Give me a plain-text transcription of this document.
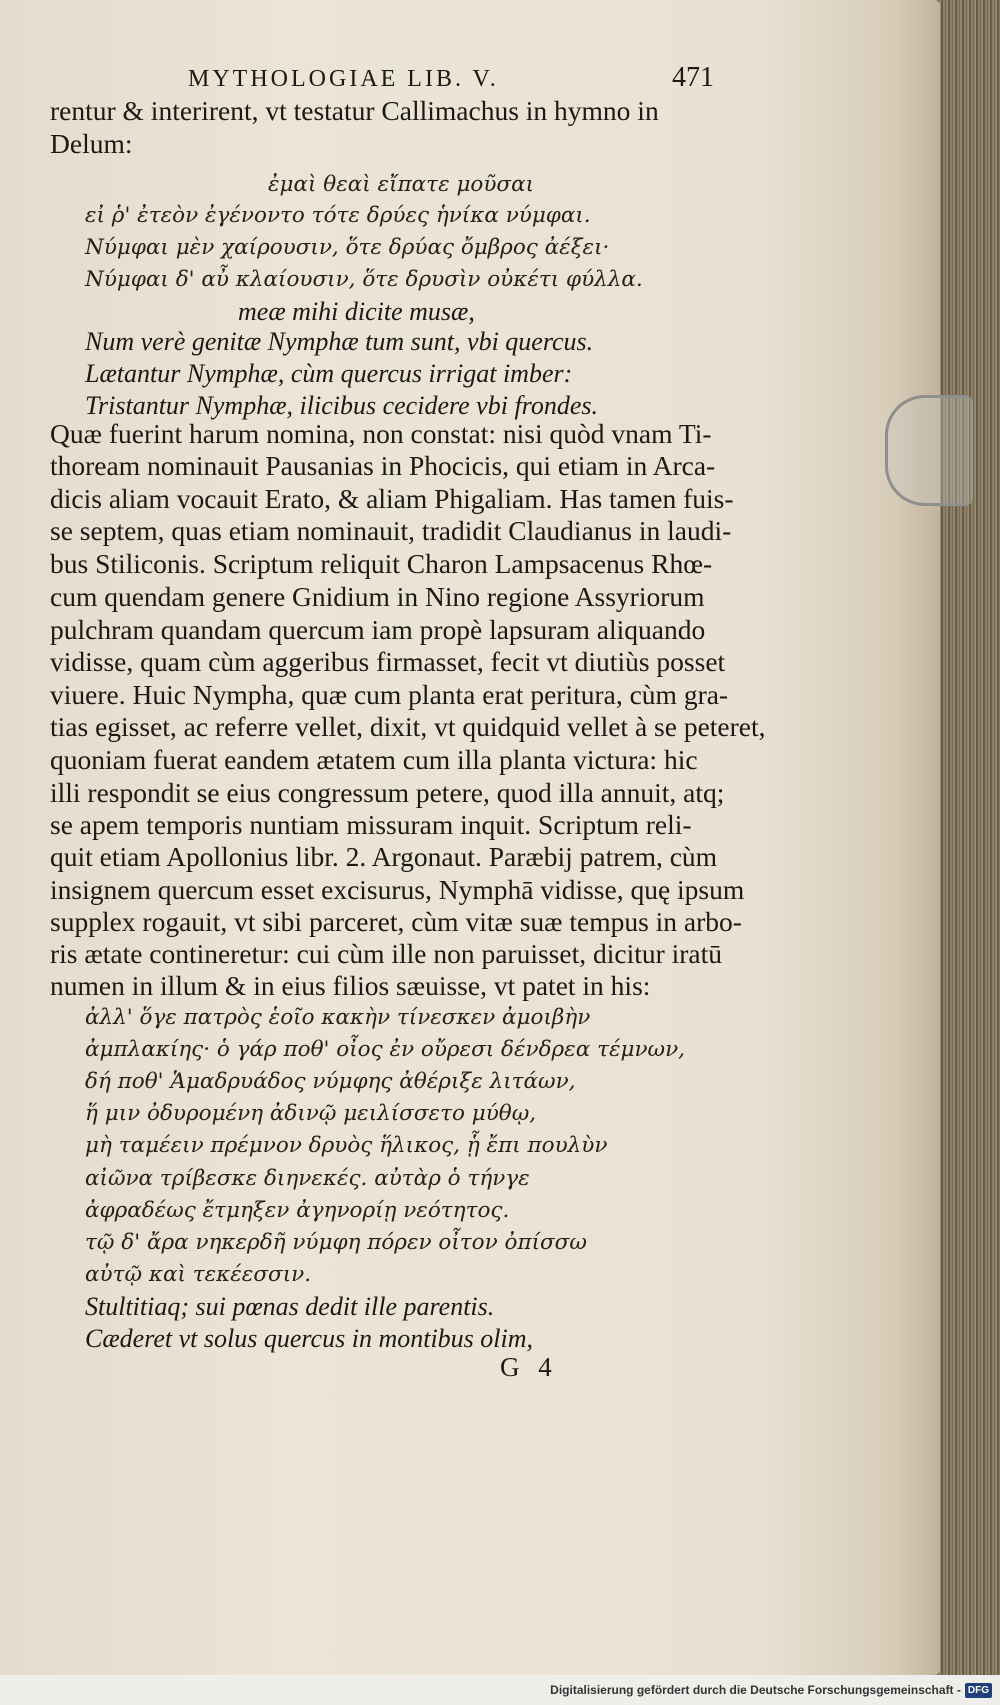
MYTHOLOGIAE LIB. V.	471
rentur & interirent, vt testatur Callimachus in hymno in
Delum:
ἐμαὶ θεαὶ εἴπατε μοῦσαι
εἰ ῥ' ἐτεὸν ἐγένοντο τότε δρύες ἡνίκα νύμφαι.
Νύμφαι μὲν χαίρουσιν, ὅτε δρύας ὄμβρος ἀέξει·
Νύμφαι δ' αὖ κλαίουσιν, ὅτε δρυσὶν οὐκέτι φύλλα.
meæ mihi dicite musæ,
Num verè genitæ Nymphæ tum sunt, vbi quercus.
Lætantur Nymphæ, cùm quercus irrigat imber:
Tristantur Nymphæ, ilicibus cecidere vbi frondes.
Quæ fuerint harum nomina, non constat: nisi quòd vnam Ti-
thoream nominauit Pausanias in Phocicis, qui etiam in Arca-
dicis aliam vocauit Erato, & aliam Phigaliam. Has tamen fuis-
se septem, quas etiam nominauit, tradidit Claudianus in laudi-
bus Stiliconis. Scriptum reliquit Charon Lampsacenus Rhœ-
cum quendam genere Gnidium in Nino regione Assyriorum
pulchram quandam quercum iam propè lapsuram aliquando
vidisse, quam cùm aggeribus firmasset, fecit vt diutiùs posset
viuere. Huic Nympha, quæ cum planta erat peritura, cùm gra-
tias egisset, ac referre vellet, dixit, vt quidquid vellet à se peteret,
quoniam fuerat eandem ætatem cum illa planta victura: hic
illi respondit se eius congressum petere, quod illa annuit, atq;
se apem temporis nuntiam missuram inquit. Scriptum reli-
quit etiam Apollonius libr. 2. Argonaut. Paræbij patrem, cùm
insignem quercum esset excisurus, Nymphā vidisse, quę ipsum
supplex rogauit, vt sibi parceret, cùm vitæ suæ tempus in arbo-
ris ætate contineretur: cui cùm ille non paruisset, dicitur iratū
numen in illum & in eius filios sæuisse, vt patet in his:
ἀλλ' ὅγε πατρὸς ἑοῖο κακὴν τίνεσκεν ἀμοιβὴν
ἀμπλακίης· ὁ γάρ ποθ' οἶος ἐν οὔρεσι δένδρεα τέμνων,
δή ποθ' Ἁμαδρυάδος νύμφης ἀθέριξε λιτάων,
ἥ μιν ὀδυρομένη ἀδινῷ μειλίσσετο μύθῳ,
μὴ ταμέειν πρέμνον δρυὸς ἥλικος, ᾗ ἔπι πουλὺν
αἰῶνα τρίβεσκε διηνεκές. αὐτὰρ ὁ τήνγε
ἀφραδέως ἔτμηξεν ἀγηνορίῃ νεότητος.
τῷ δ' ἄρα νηκερδῆ νύμφη πόρεν οἶτον ὀπίσσω
αὐτῷ καὶ τεκέεσσιν.
Stultitiaq; sui pœnas dedit ille parentis.
Cæderet vt solus quercus in montibus olim,
G 4
Digitalisierung gefördert durch die Deutsche Forschungsgemeinschaft - DFG
